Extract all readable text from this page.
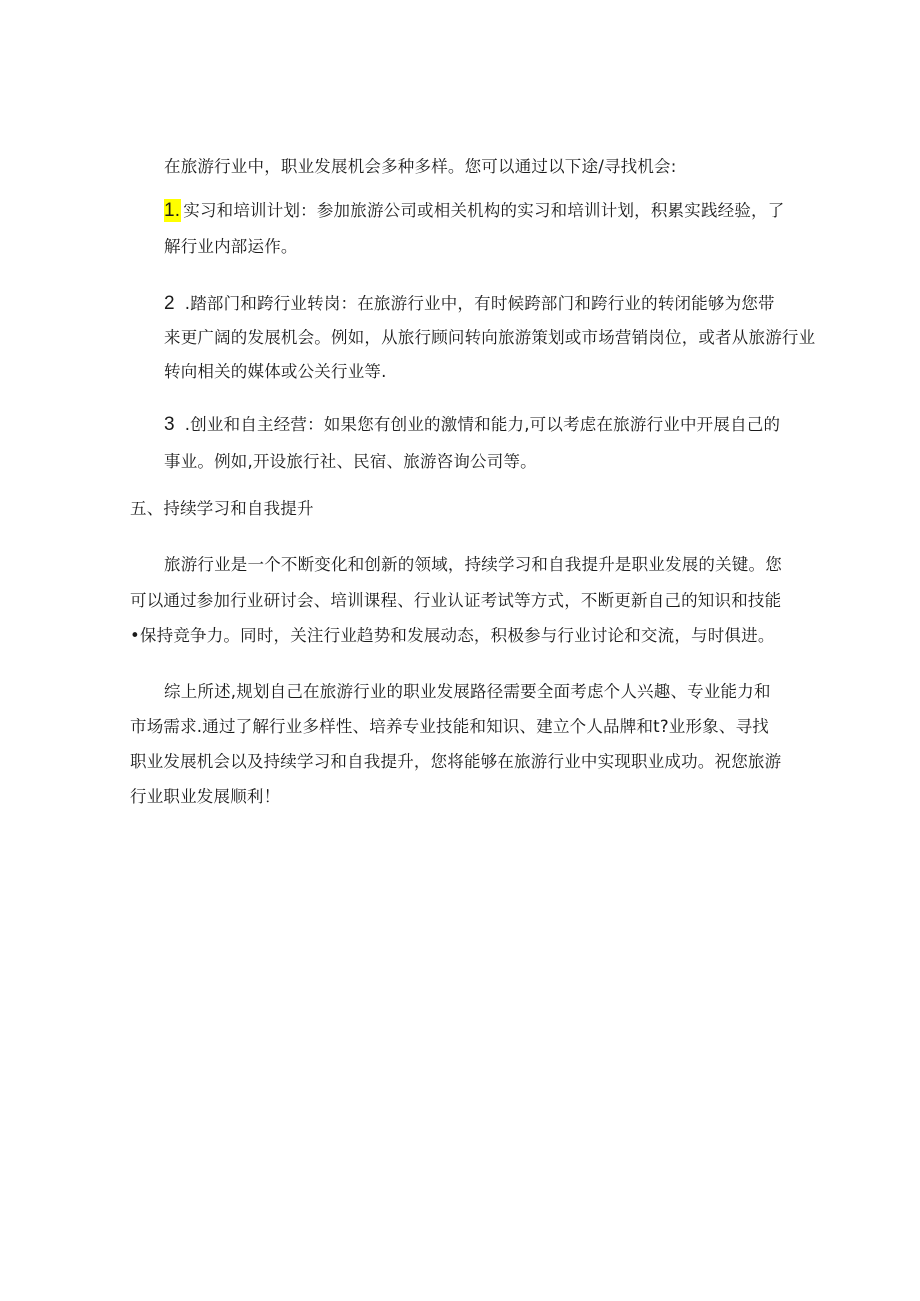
在旅游行业中，职业发展机会多种多样。您可以通过以下途/寻找机会:
1. 实习和培训计划：参加旅游公司或相关机构的实习和培训计划，积累实践经验，了
解行业内部运作。
2 .踏部门和跨行业转岗：在旅游行业中，有时候跨部门和跨行业的转闭能够为您带
来更广阔的发展机会。例如，从旅行顾问转向旅游策划或市场营销岗位，或者从旅游行业
转向相关的媒体或公关行业等.
3 .创业和自主经营：如果您有创业的激情和能力,可以考虑在旅游行业中开展自己的
事业。例如,开设旅行社、民宿、旅游咨询公司等。
五、持续学习和自我提升
旅游行业是一个不断变化和创新的领域，持续学习和自我提升是职业发展的关键。您
可以通过参加行业研讨会、培训课程、行业认证考试等方式，不断更新自己的知识和技能
•保持竞争力。同时，关注行业趋势和发展动态，积极参与行业讨论和交流，与时俱进。
综上所述,规划自己在旅游行业的职业发展路径需要全面考虑个人兴趣、专业能力和
市场需求.通过了解行业多样性、培养专业技能和知识、建立个人品牌和t?业形象、寻找
职业发展机会以及持续学习和自我提升，您将能够在旅游行业中实现职业成功。祝您旅游
行业职业发展顺利！
